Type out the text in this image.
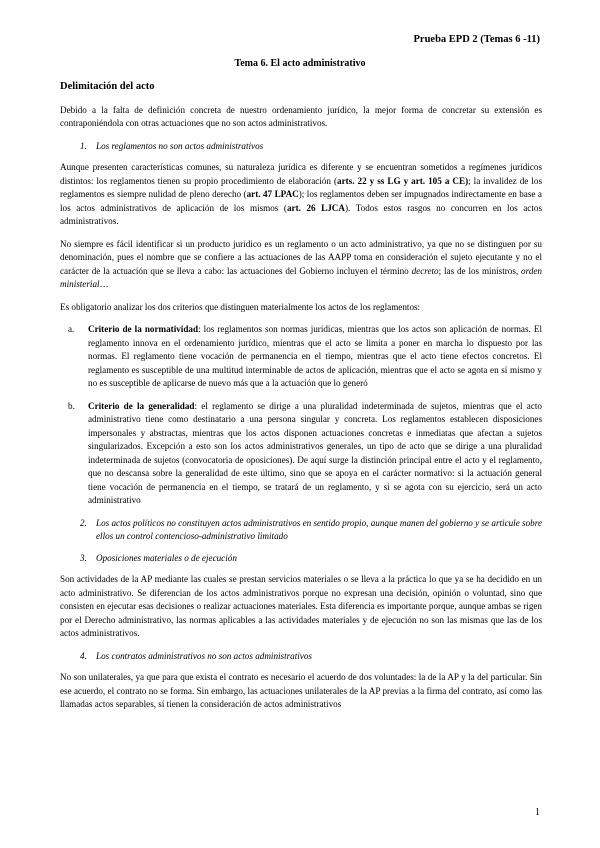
Prueba EPD 2 (Temas 6 -11)
Tema 6. El acto administrativo
Delimitación del acto

Debido a la falta de definición concreta de nuestro ordenamiento jurídico, la mejor forma de concretar su extensión es contraponiéndola con otras actuaciones que no son actos administrativos.

1.	Los reglamentos no son actos administrativos

Aunque presenten características comunes, su naturaleza jurídica es diferente y se encuentran sometidos a regímenes jurídicos distintos: los reglamentos tienen su propio procedimiento de elaboración (arts. 22 y ss LG y art. 105 a CE); la invalidez de los reglamentos es siempre nulidad de pleno derecho (art. 47 LPAC); los reglamentos deben ser impugnados indirectamente en base a los actos administrativos de aplicación de los mismos (art. 26 LJCA). Todos estos rasgos no concurren en los actos administrativos.

No siempre es fácil identificar si un producto jurídico es un reglamento o un acto administrativo, ya que no se distinguen por su denominación, pues el nombre que se confiere a las actuaciones de las AAPP toma en consideración el sujeto ejecutante y no el carácter de la actuación que se lleva a cabo: las actuaciones del Gobierno incluyen el término decreto; las de los ministros, orden ministerial…

Es obligatorio analizar los dos criterios que distinguen materialmente los actos de los reglamentos:

a.	Criterio de la normatividad: los reglamentos son normas jurídicas, mientras que los actos son aplicación de normas. El reglamento innova en el ordenamiento jurídico, mientras que el acto se limita a poner en marcha lo dispuesto por las normas. El reglamento tiene vocación de permanencia en el tiempo, mientras que el acto tiene efectos concretos. El reglamento es susceptible de una multitud interminable de actos de aplicación, mientras que el acto se agota en sí mismo y no es susceptible de aplicarse de nuevo más que a la actuación que lo generó
b.	Criterio de la generalidad: el reglamento se dirige a una pluralidad indeterminada de sujetos, mientras que el acto administrativo tiene como destinatario a una persona singular y concreta. Los reglamentos establecen disposiciones impersonales y abstractas, mientras que los actos disponen actuaciones concretas e inmediatas que afectan a sujetos singularizados. Excepción a esto son los actos administrativos generales, un tipo de acto que se dirige a una pluralidad indeterminada de sujetos (convocatoria de oposiciones). De aquí surge la distinción principal entre el acto y el reglamento, que no descansa sobre la generalidad de este último, sino que se apoya en el carácter normativo: si la actuación general tiene vocación de permanencia en el tiempo, se tratará de un reglamento, y si se agota con su ejercicio, será un acto administrativo
2.	Los actos políticos no constituyen actos administrativos en sentido propio, aunque manen del gobierno y se articule sobre ellos un control contencioso-administrativo limitado
3.	Oposiciones materiales o de ejecución

Son actividades de la AP mediante las cuales se prestan servicios materiales o se lleva a la práctica lo que ya se ha decidido en un acto administrativo. Se diferencian de los actos administrativos porque no expresan una decisión, opinión o voluntad, sino que consisten en ejecutar esas decisiones o realizar actuaciones materiales. Esta diferencia es importante porque, aunque ambas se rigen por el Derecho administrativo, las normas aplicables a las actividades materiales y de ejecución no son las mismas que las de los actos administrativos.

4.	Los contratos administrativos no son actos administrativos

No son unilaterales, ya que para que exista el contrato es necesario el acuerdo de dos voluntades: la de la AP y la del particular. Sin ese acuerdo, el contrato no se forma. Sin embargo, las actuaciones unilaterales de la AP previas a la firma del contrato, así como las llamadas actos separables, sí tienen la consideración de actos administrativos

1
